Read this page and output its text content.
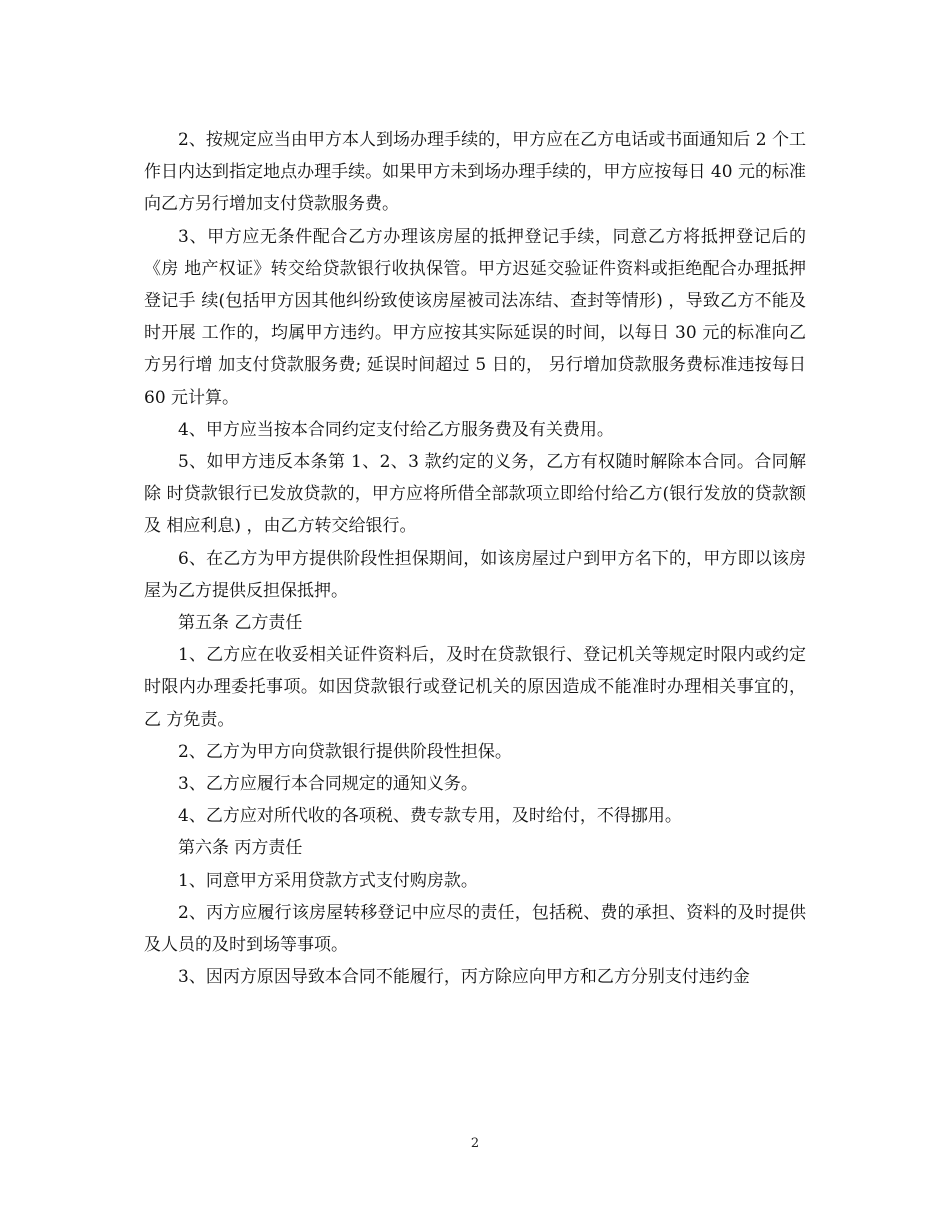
2、按规定应当由甲方本人到场办理手续的，甲方应在乙方电话或书面通知后 2 个工 作日内达到指定地点办理手续。如果甲方未到场办理手续的，甲方应按每日 40 元的标准 向乙方另行增加支付贷款服务费。

3、甲方应无条件配合乙方办理该房屋的抵押登记手续，同意乙方将抵押登记后的《房 地产权证》转交给贷款银行收执保管。甲方迟延交验证件资料或拒绝配合办理抵押登记手 续(包括甲方因其他纠纷致使该房屋被司法冻结、查封等情形) ，导致乙方不能及时开展 工作的，均属甲方违约。甲方应按其实际延误的时间，以每日 30 元的标准向乙方另行增 加支付贷款服务费; 延误时间超过 5 日的， 另行增加贷款服务费标准违按每日 60 元计算。

4、甲方应当按本合同约定支付给乙方服务费及有关费用。

5、如甲方违反本条第 1、2、3 款约定的义务，乙方有权随时解除本合同。合同解除 时贷款银行已发放贷款的，甲方应将所借全部款项立即给付给乙方(银行发放的贷款额及 相应利息) ，由乙方转交给银行。

6、在乙方为甲方提供阶段性担保期间，如该房屋过户到甲方名下的，甲方即以该房 屋为乙方提供反担保抵押。

第五条 乙方责任

1、乙方应在收妥相关证件资料后，及时在贷款银行、登记机关等规定时限内或约定 时限内办理委托事项。如因贷款银行或登记机关的原因造成不能准时办理相关事宜的，乙 方免责。

2、乙方为甲方向贷款银行提供阶段性担保。

3、乙方应履行本合同规定的通知义务。

4、乙方应对所代收的各项税、费专款专用，及时给付，不得挪用。

第六条 丙方责任

1、同意甲方采用贷款方式支付购房款。

2、丙方应履行该房屋转移登记中应尽的责任，包括税、费的承担、资料的及时提供 及人员的及时到场等事项。

3、因丙方原因导致本合同不能履行，丙方除应向甲方和乙方分别支付违约金

2
